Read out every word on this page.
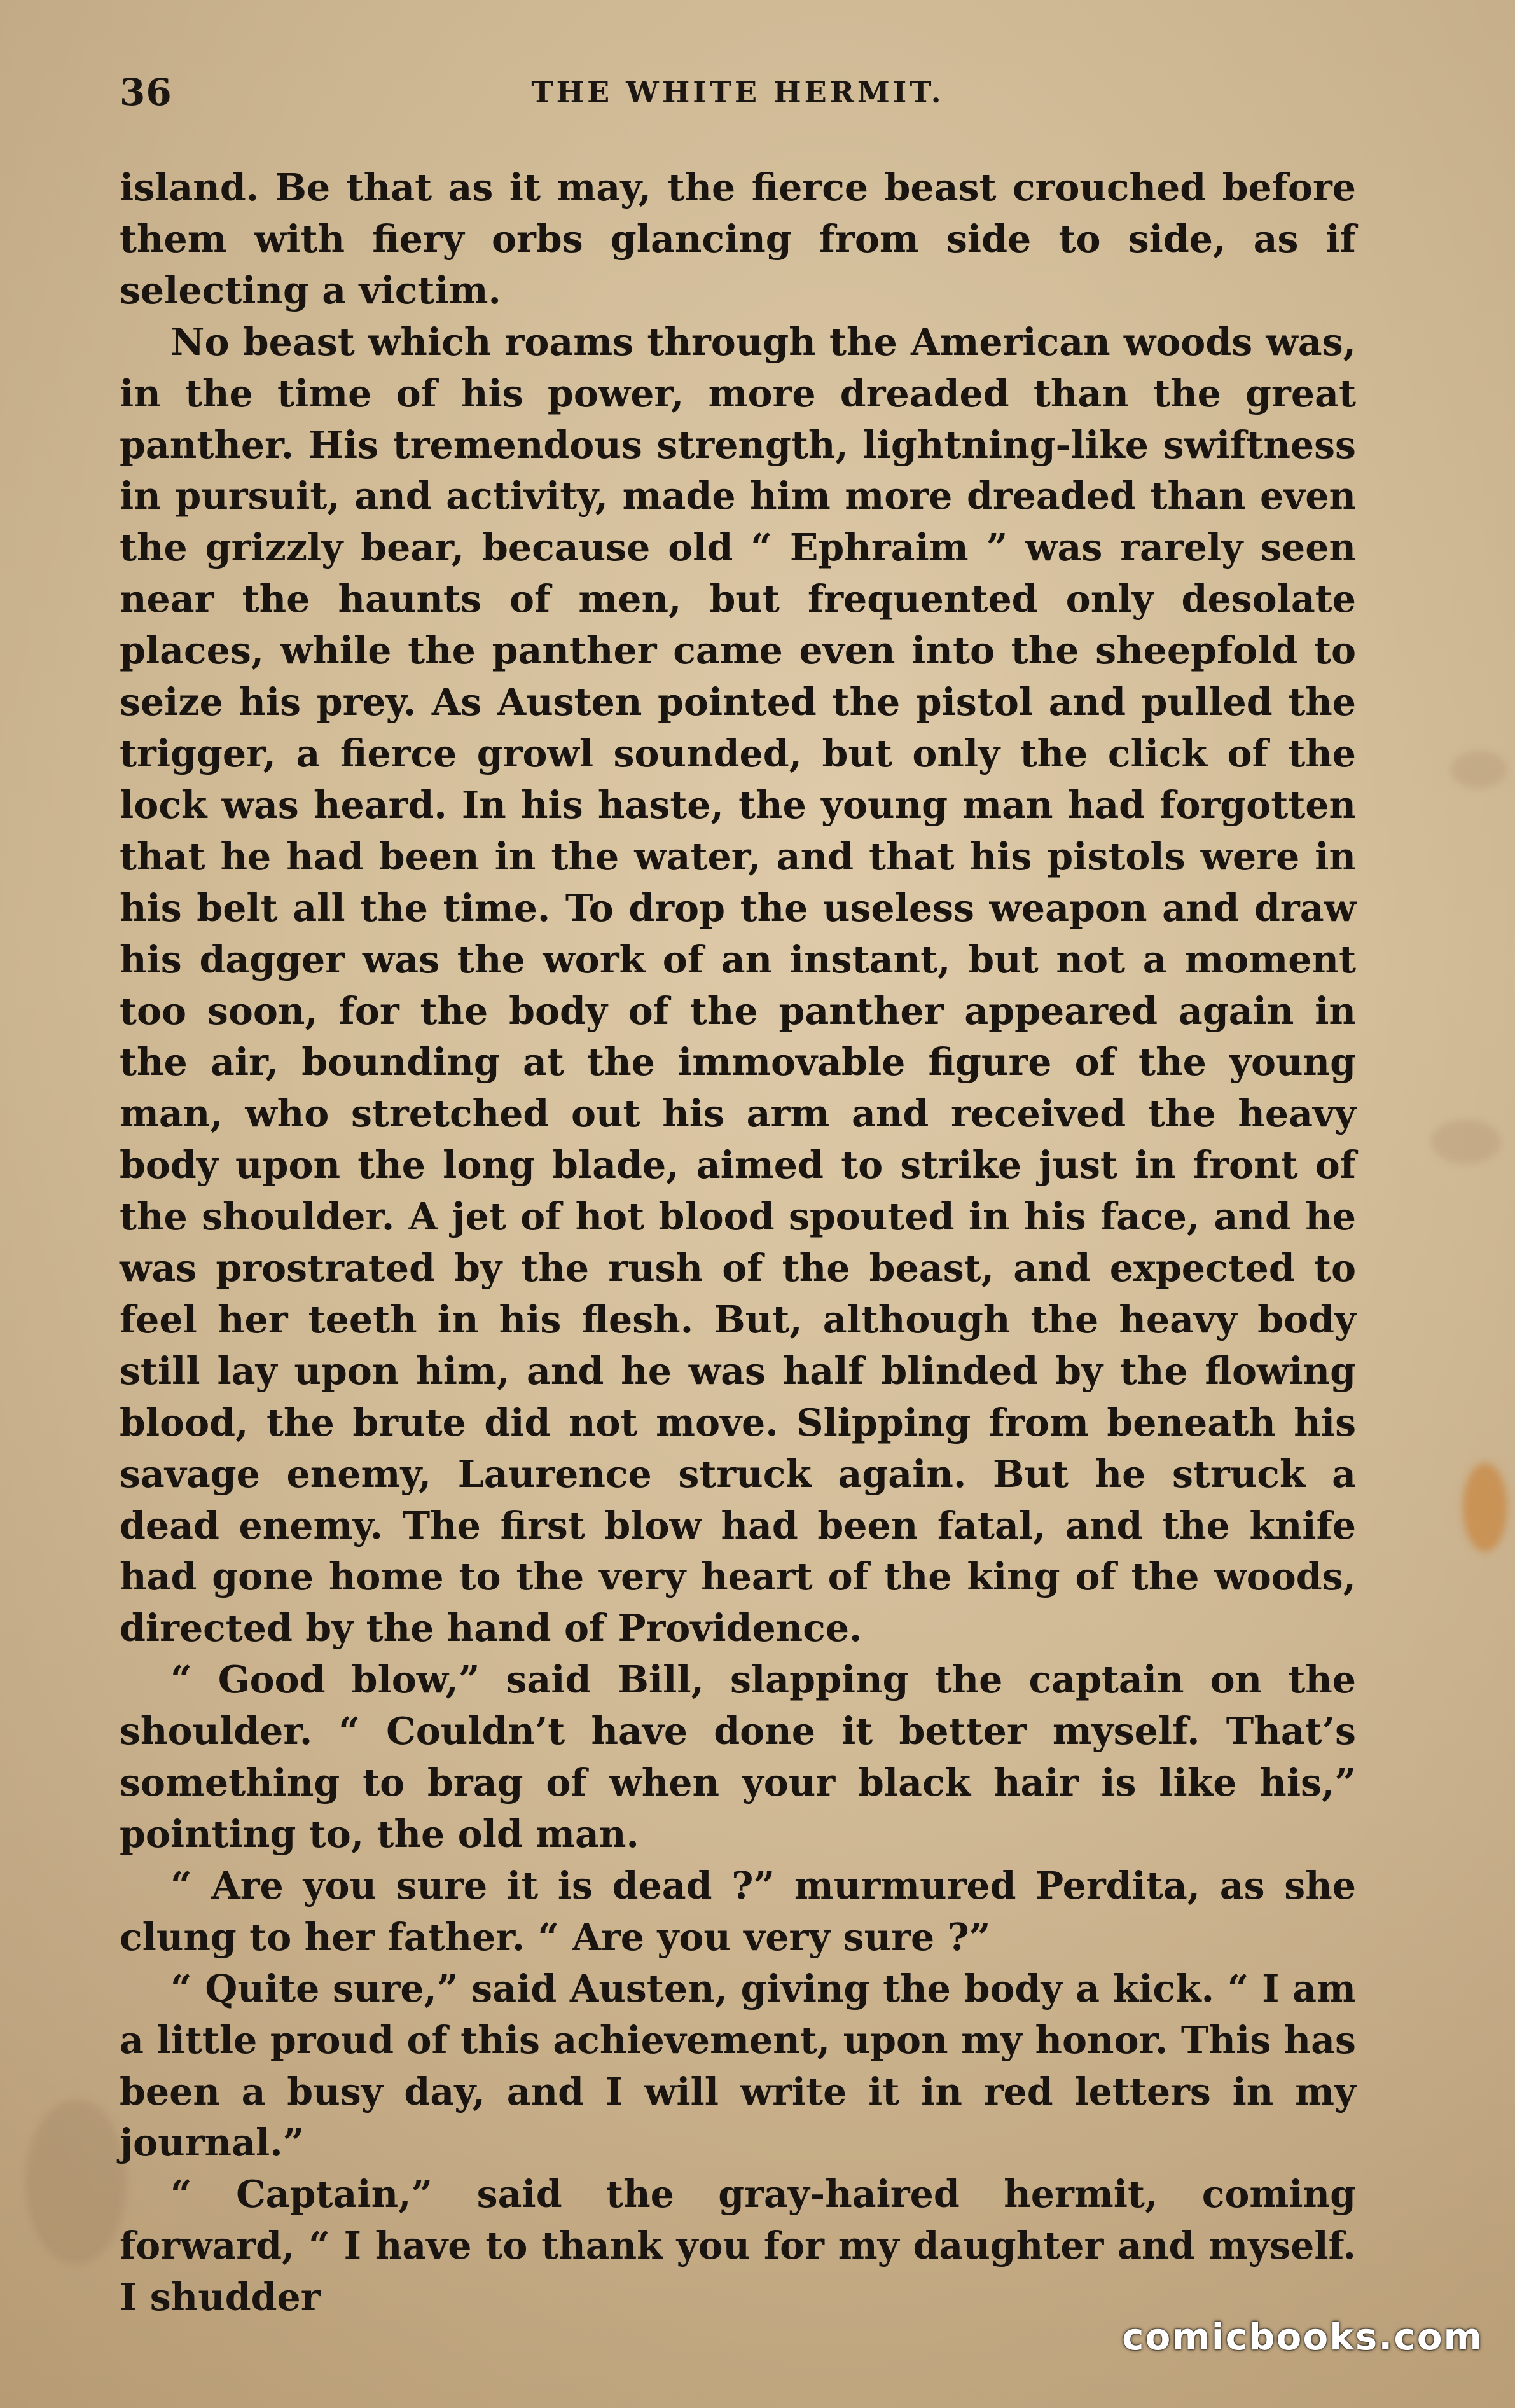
36	THE WHITE HERMIT.

island. Be that as it may, the fierce beast crouched before them with fiery orbs glancing from side to side, as if selecting a victim.

No beast which roams through the American woods was, in the time of his power, more dreaded than the great panther. His tremendous strength, lightning-like swiftness in pursuit, and activity, made him more dreaded than even the grizzly bear, because old “ Ephraim ” was rarely seen near the haunts of men, but frequented only desolate places, while the panther came even into the sheepfold to seize his prey. As Austen pointed the pistol and pulled the trigger, a fierce growl sounded, but only the click of the lock was heard. In his haste, the young man had forgotten that he had been in the water, and that his pistols were in his belt all the time. To drop the useless weapon and draw his dagger was the work of an instant, but not a moment too soon, for the body of the panther appeared again in the air, bounding at the immovable figure of the young man, who stretched out his arm and received the heavy body upon the long blade, aimed to strike just in front of the shoulder. A jet of hot blood spouted in his face, and he was prostrated by the rush of the beast, and expected to feel her teeth in his flesh. But, although the heavy body still lay upon him, and he was half blinded by the flowing blood, the brute did not move. Slipping from beneath his savage enemy, Laurence struck again. But he struck a dead enemy. The first blow had been fatal, and the knife had gone home to the very heart of the king of the woods, directed by the hand of Providence.

“ Good blow,” said Bill, slapping the captain on the shoulder. “ Couldn’t have done it better myself. That’s something to brag of when your black hair is like his,” pointing to, the old man.

“ Are you sure it is dead ?” murmured Perdita, as she clung to her father. “ Are you very sure ?”

“ Quite sure,” said Austen, giving the body a kick. “ I am a little proud of this achievement, upon my honor. This has been a busy day, and I will write it in red letters in my journal.”

“ Captain,” said the gray-haired hermit, coming forward, “ I have to thank you for my daughter and myself. I shudder

comicbooks.com
